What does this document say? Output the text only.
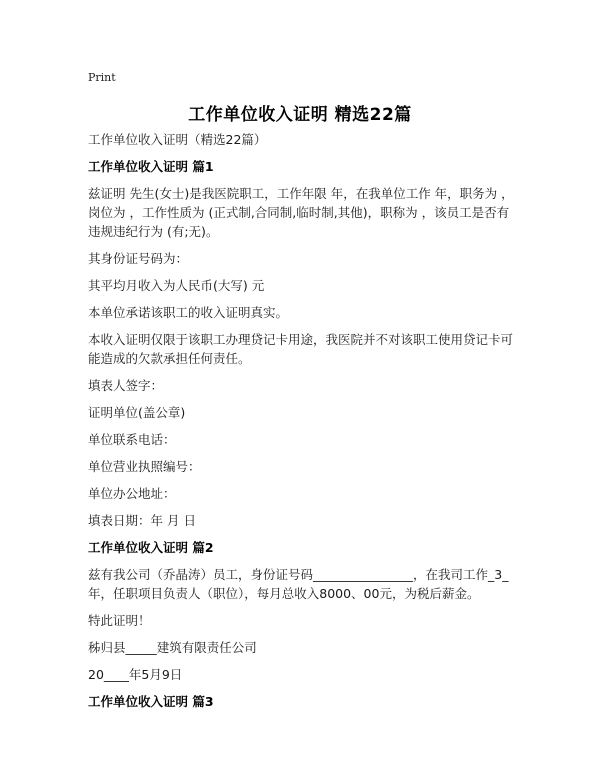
Print
工作单位收入证明 精选22篇

工作单位收入证明（精选22篇）

工作单位收入证明 篇1

兹证明 先生(女士)是我医院职工，工作年限 年，在我单位工作 年，职务为 ，岗位为 ，工作性质为 (正式制,合同制,临时制,其他)，职称为 ，该员工是否有违规违纪行为 (有;无)。

其身份证号码为：

其平均月收入为人民币(大写) 元

本单位承诺该职工的收入证明真实。

本收入证明仅限于该职工办理贷记卡用途，我医院并不对该职工使用贷记卡可能造成的欠款承担任何责任。

填表人签字：

证明单位(盖公章)

单位联系电话：

单位营业执照编号：

单位办公地址：

填表日期：年 月 日

工作单位收入证明 篇2

兹有我公司（乔晶涛）员工，身份证号码________________，在我司工作_3_年，任职项目负责人（职位），每月总收入8000、00元，为税后薪金。

特此证明！

秭归县_____建筑有限责任公司

20____年5月9日

工作单位收入证明 篇3
